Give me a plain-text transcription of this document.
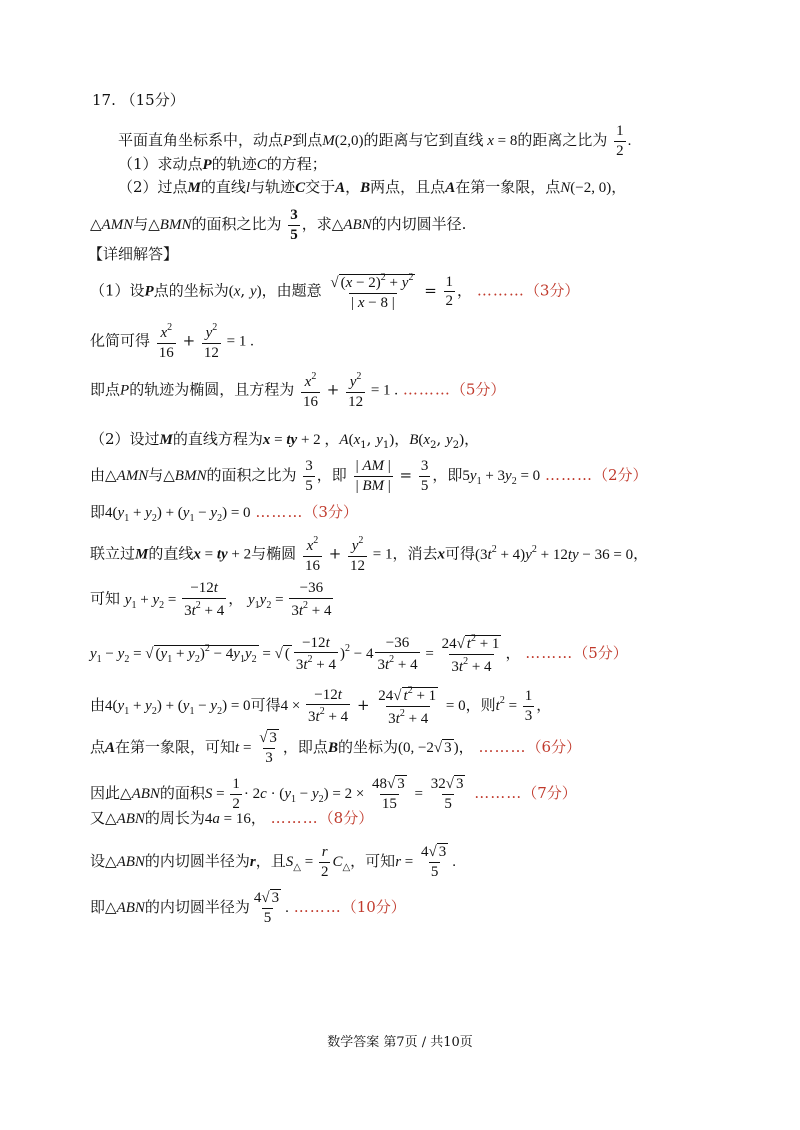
17. （15分）
平面直角坐标系中，动点P到点M(2,0)的距离与它到直线 x = 8的距离之比为 $\frac{1}{2}$ .
（1）求动点P的轨迹C的方程；
（2）过点M的直线l与轨迹C交于A，B两点，且点A在第一象限，点N(−2, 0)，
△AMN与△BMN的面积之比为 $\frac{3}{5}$ ，求△ABN的内切圆半径.
【详细解答】
（1）设P点的坐标为(x, y)，由题意 $\frac{√ (x - 2)^2 + y^2}{| x - 8 |} = \frac{1}{2}$ ， ………（3分）
化简可得 $\frac{x^2}{16} + \frac{y^2}{12} = 1$ .
即点P的轨迹为椭圆，且方程为 $\frac{x^2}{16} + \frac{y^2}{12} = 1$ . ………（5分）
（2）设过M的直线方程为x = ty + 2 ，$A(x_1$, $y_1$)，$B(x_2$, $y_2$)，
由△AMN与△BMN的面积之比为 $\frac{3}{5}$ ，即 $\frac{| AM |}{| BM |} = \frac{3}{5}$ ，即$5y_1 + 3y_2 = 0$ ………（2分）
即$4(y_1 + y_2) + (y_1 - y_2) = 0$ ………（3分）
联立过M的直线x = ty + 2与椭圆 $\frac{x^2}{16} + \frac{y^2}{12} = 1$，消去x可得$(3t^2 + 4)y^2 + 12ty - 36 = 0$，
可知 $y_1 + y_2 = \frac{-12t}{3t^2 + 4}$ ， $y_1y_2 = \frac{-36}{3t^2 + 4}$
$y_1 - y_2$ = √ $(y_1 + y_2)^2 - 4y_1y_2$ = √ ( $\frac{-12t}{3t^2 + 4} )^2 - 4 \frac{-36}{3t^2 + 4} = \frac{24√ t^2 + 1}{3t^2 + 4}$ ， ………（5分）
由$4(y_1 + y_2) + (y_1 - y_2) = 0$可得$4 \times \frac{-12t}{3t^2 + 4} + \frac{24√ t^2 + 1}{3t^2 + 4} = 0$，则$t^2 = \frac{1}{3}$ ，
点A在第一象限，可知$t = \frac{√ 3}{3}$ ，即点B的坐标为(0, −2√ 3 )， ………（6分）
因此△ABN的面积$S = \frac{1}{2} \cdot 2c \cdot (y_1 - y_2) = 2 \times \frac{48√ 3}{15} = \frac{32√ 3}{5}$ ………（7分）
又△ABN的周长为4a = 16， ………（8分）
设△ABN的内切圆半径为r，且$S_\triangle = \frac{r}{2} C_\triangle$，可知$r = \frac{4√ 3}{5}$ .
即△ABN的内切圆半径为 $\frac{4√ 3}{5}$ . ………（10分）
数学答案 第7页 / 共10页
